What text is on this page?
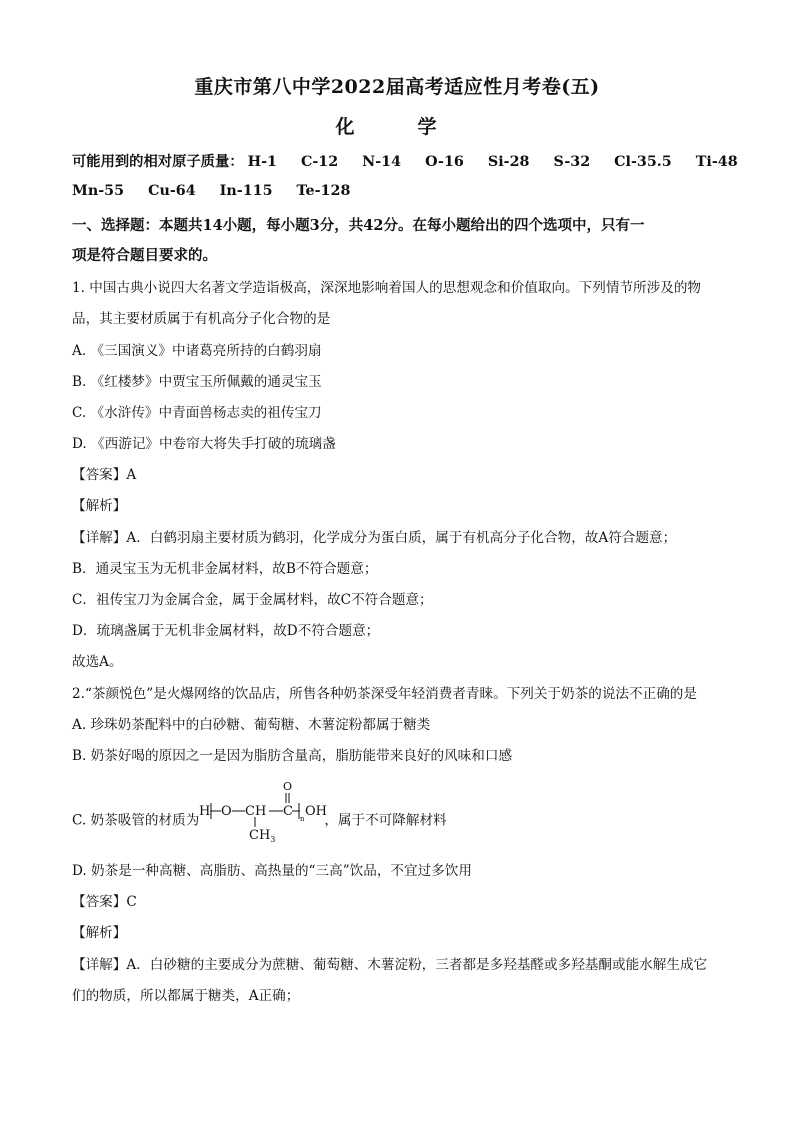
重庆市第八中学2022届高考适应性月考卷(五)
化　学
可能用到的相对原子质量： H-1 C-12 N-14 O-16 Si-28 S-32 Cl-35.5 Ti-48
Mn-55 Cu-64 In-115 Te-128
一、选择题：本题共14小题，每小题3分，共42分。在每小题给出的四个选项中，只有一
项是符合题目要求的。
1. 中国古典小说四大名著文学造诣极高，深深地影响着国人的思想观念和价值取向。下列情节所涉及的物
品，其主要材质属于有机高分子化合物的是
A. 《三国演义》中诸葛亮所持的白鹤羽扇
B. 《红楼梦》中贾宝玉所佩戴的通灵宝玉
C. 《水浒传》中青面兽杨志卖的祖传宝刀
D. 《西游记》中卷帘大将失手打破的琉璃盏
【答案】A
【解析】
【详解】A．白鹤羽扇主要材质为鹤羽，化学成分为蛋白质，属于有机高分子化合物，故A符合题意；
B．通灵宝玉为无机非金属材料，故B不符合题意；
C．祖传宝刀为金属合金，属于金属材料，故C不符合题意；
D．琉璃盏属于无机非金属材料，故D不符合题意；
故选A。
2.“茶颜悦色”是火爆网络的饮品店，所售各种奶茶深受年轻消费者青睐。下列关于奶茶的说法不正确的是
A. 珍珠奶茶配料中的白砂糖、葡萄糖、木薯淀粉都属于糖类
B. 奶茶好喝的原因之一是因为脂肪含量高，脂肪能带来良好的风味和口感
C. 奶茶吸管的材质为
H O CH C
O
n OH
$CH_3$
，属于不可降解材料
D. 奶茶是一种高糖、高脂肪、高热量的“三高”饮品，不宜过多饮用
【答案】C
【解析】
【详解】A．白砂糖的主要成分为蔗糖、葡萄糖、木薯淀粉，三者都是多羟基醛或多羟基酮或能水解生成它
们的物质，所以都属于糖类，A正确；
